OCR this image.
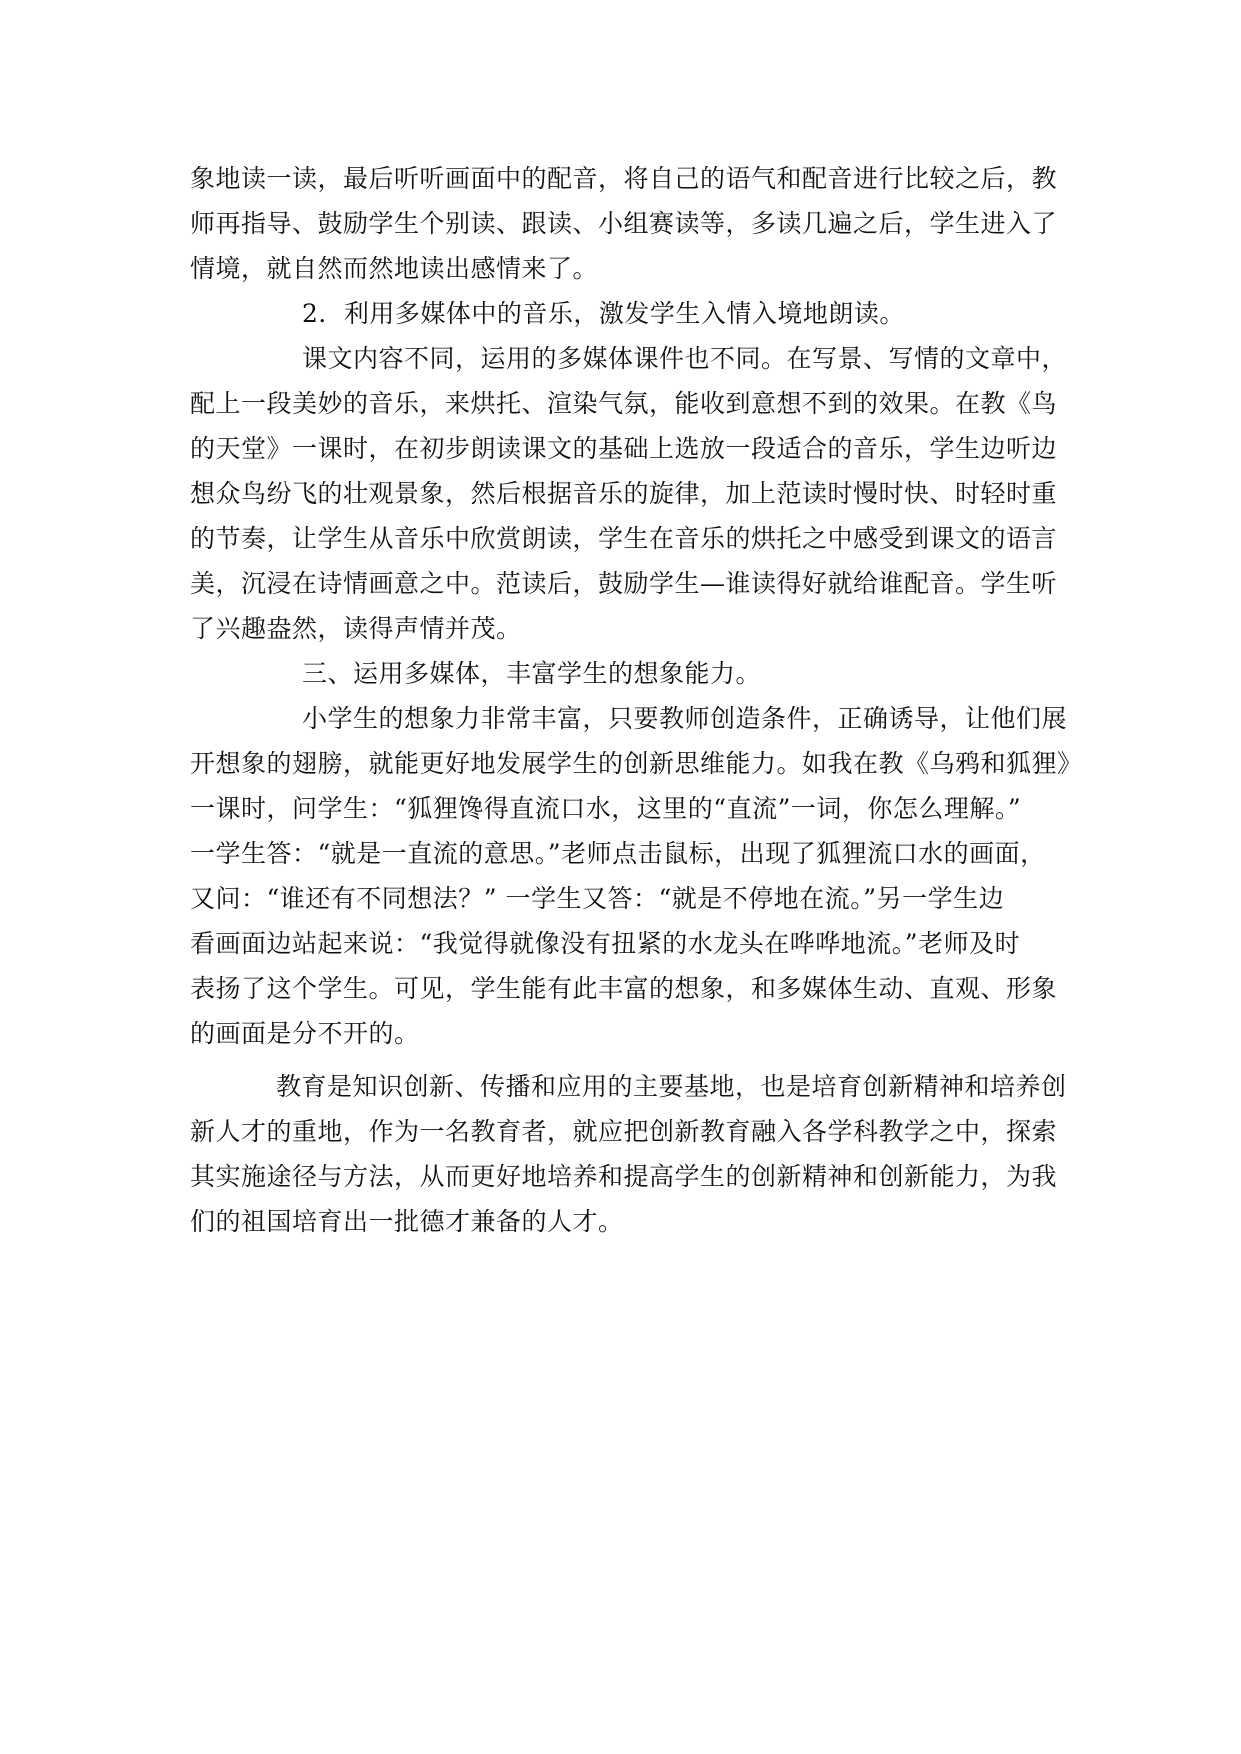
象地读一读，最后听听画面中的配音，将自己的语气和配音进行比较之后，教
师再指导、鼓励学生个别读、跟读、小组赛读等，多读几遍之后，学生进入了
情境，就自然而然地读出感情来了。
2．利用多媒体中的音乐，激发学生入情入境地朗读。
课文内容不同，运用的多媒体课件也不同。在写景、写情的文章中，
配上一段美妙的音乐，来烘托、渲染气氛，能收到意想不到的效果。在教《鸟
的天堂》一课时，在初步朗读课文的基础上选放一段适合的音乐，学生边听边
想众鸟纷飞的壮观景象，然后根据音乐的旋律，加上范读时慢时快、时轻时重
的节奏，让学生从音乐中欣赏朗读，学生在音乐的烘托之中感受到课文的语言
美，沉浸在诗情画意之中。范读后，鼓励学生—谁读得好就给谁配音。学生听
了兴趣盎然，读得声情并茂。
三、运用多媒体，丰富学生的想象能力。
小学生的想象力非常丰富，只要教师创造条件，正确诱导，让他们展
开想象的翅膀，就能更好地发展学生的创新思维能力。如我在教《乌鸦和狐狸》
一课时，问学生：“狐狸馋得直流口水，这里的“直流”一词，你怎么理解。”
一学生答：“就是一直流的意思。”老师点击鼠标，出现了狐狸流口水的画面，
又问：“谁还有不同想法？” 一学生又答：“就是不停地在流。”另一学生边
看画面边站起来说：“我觉得就像没有扭紧的水龙头在哗哗地流。”老师及时
表扬了这个学生。可见，学生能有此丰富的想象，和多媒体生动、直观、形象
的画面是分不开的。
教育是知识创新、传播和应用的主要基地，也是培育创新精神和培养创
新人才的重地，作为一名教育者，就应把创新教育融入各学科教学之中，探索
其实施途径与方法，从而更好地培养和提高学生的创新精神和创新能力，为我
们的祖国培育出一批德才兼备的人才。
